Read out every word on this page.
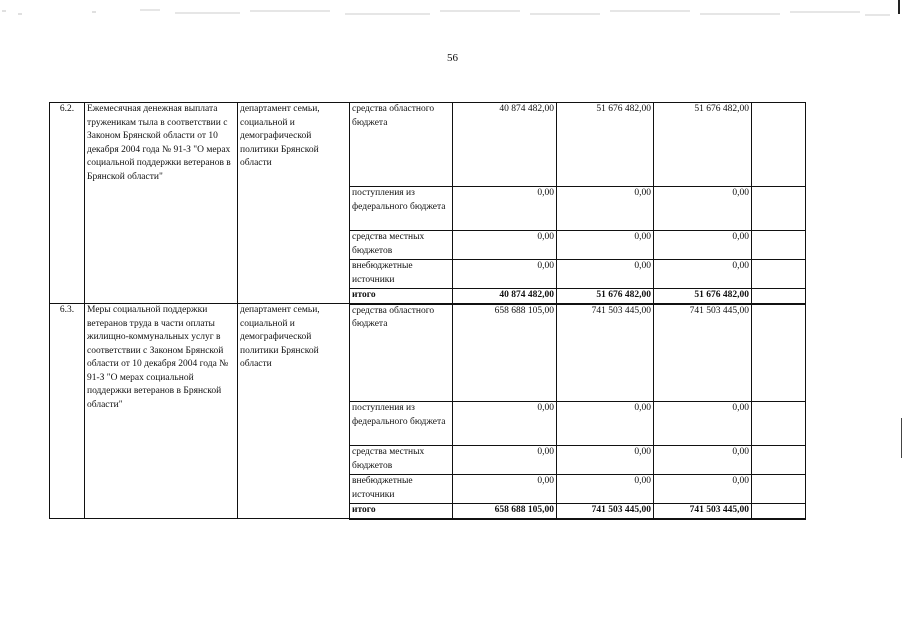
56
6.2.	Ежемесячная денежная выплата труженикам тыла в соответствии с Законом Брянской области от 10 декабря 2004 года № 91-З "О мерах социальной поддержки ветеранов в Брянской области"	департамент семьи, социальной и демографической политики Брянской области	средства областного бюджета	40 874 482,00	51 676 482,00	51 676 482,00	
			поступления из федерального бюджета	0,00	0,00	0,00	
			средства местных бюджетов	0,00	0,00	0,00	
			внебюджетные источники	0,00	0,00	0,00	
			итого	40 874 482,00	51 676 482,00	51 676 482,00	
6.3.	Меры социальной поддержки ветеранов труда в части оплаты жилищно-коммунальных услуг в соответствии с Законом Брянской области от 10 декабря 2004 года № 91-З "О мерах социальной поддержки ветеранов в Брянской области"	департамент семьи, социальной и демографической политики Брянской области	средства областного бюджета	658 688 105,00	741 503 445,00	741 503 445,00	
			поступления из федерального бюджета	0,00	0,00	0,00	
			средства местных бюджетов	0,00	0,00	0,00	
			внебюджетные источники	0,00	0,00	0,00	
			итого	658 688 105,00	741 503 445,00	741 503 445,00	
